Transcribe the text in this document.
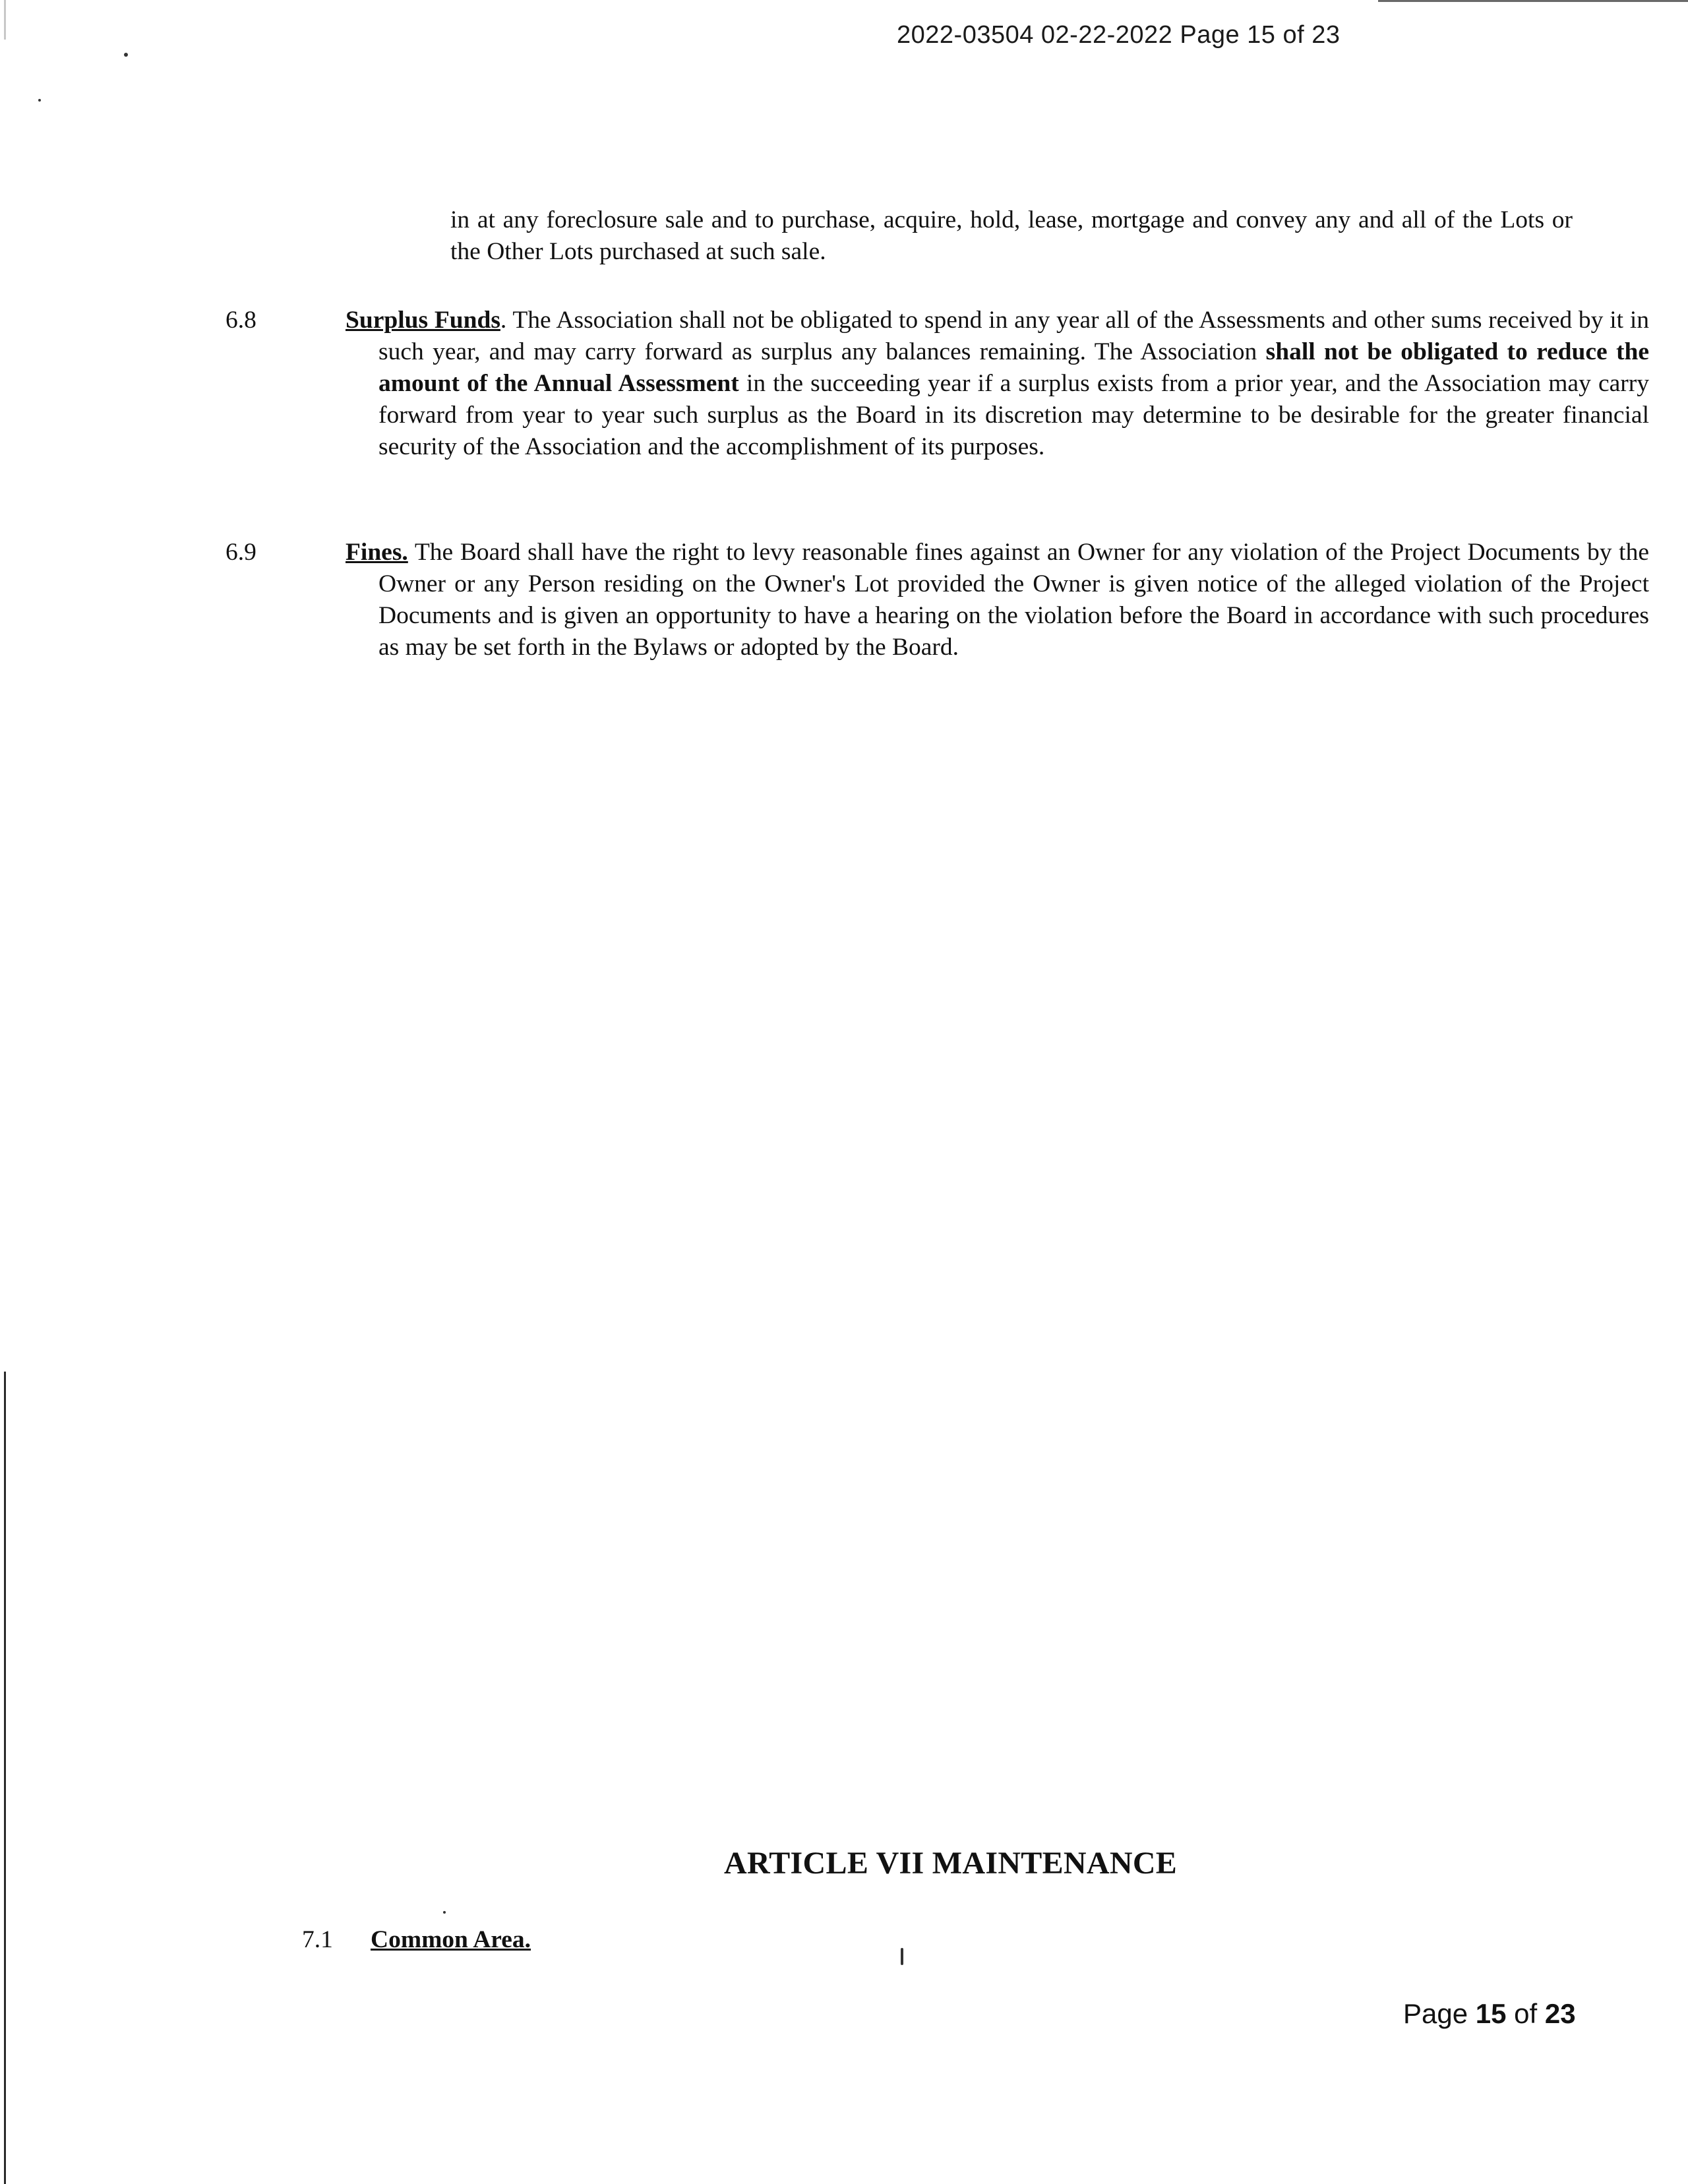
2022-03504 02-22-2022 Page 15 of 23
in at any foreclosure sale and to purchase, acquire, hold, lease, mortgage and convey any and all of the Lots or the Other Lots purchased at such sale.
6.8	Surplus Funds. The Association shall not be obligated to spend in any year all of the Assessments and other sums received by it in such year, and may carry forward as surplus any balances remaining. The Association shall not be obligated to reduce the amount of the Annual Assessment in the succeeding year if a surplus exists from a prior year, and the Association may carry forward from year to year such surplus as the Board in its discretion may determine to be desirable for the greater financial security of the Association and the accomplishment of its purposes.
6.9	Fines. The Board shall have the right to levy reasonable fines against an Owner for any violation of the Project Documents by the Owner or any Person residing on the Owner's Lot provided the Owner is given notice of the alleged violation of the Project Documents and is given an opportunity to have a hearing on the violation before the Board in accordance with such procedures as may be set forth in the Bylaws or adopted by the Board.
ARTICLE VII MAINTENANCE
7.1 Common Area.
Page 15 of 23
